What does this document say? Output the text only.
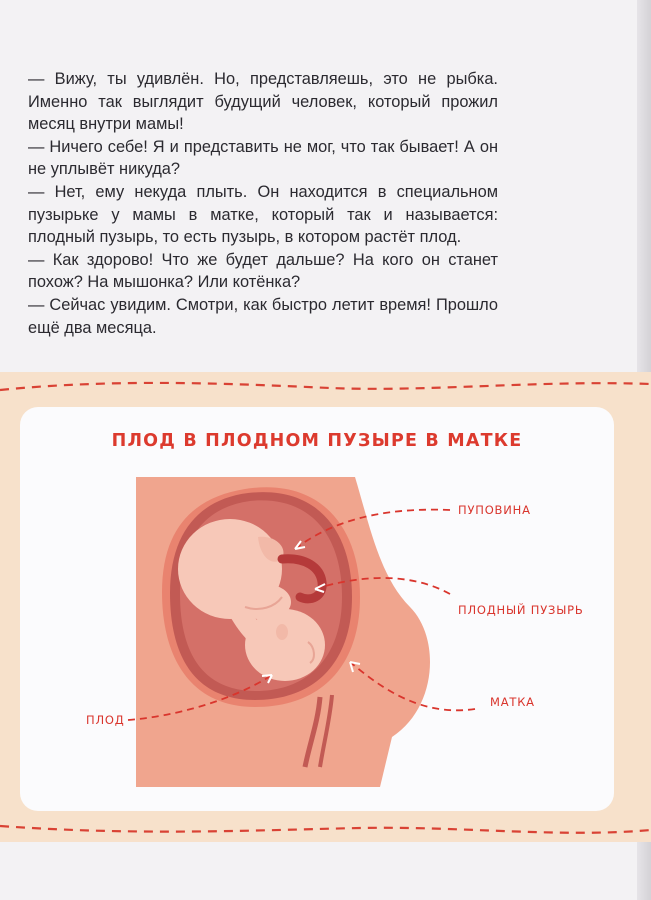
— Вижу, ты удивлён. Но, представляешь, это не рыбка. Именно так выглядит будущий человек, который прожил месяц внутри мамы!

— Ничего себе! Я и представить не мог, что так бывает! А он не уплывёт никуда?

— Нет, ему некуда плыть. Он находится в специальном пузырьке у мамы в матке, который так и называется: плодный пузырь, то есть пузырь, в котором растёт плод.

— Как здорово! Что же будет дальше? На кого он станет похож? На мышонка? Или котёнка?

— Сейчас увидим. Смотри, как быстро летит время! Прошло ещё два месяца.

ПЛОД В ПЛОДНОМ ПУЗЫРЕ В МАТКЕ
ПУПОВИНА
ПЛОДНЫЙ ПУЗЫРЬ
МАТКА
ПЛОД
